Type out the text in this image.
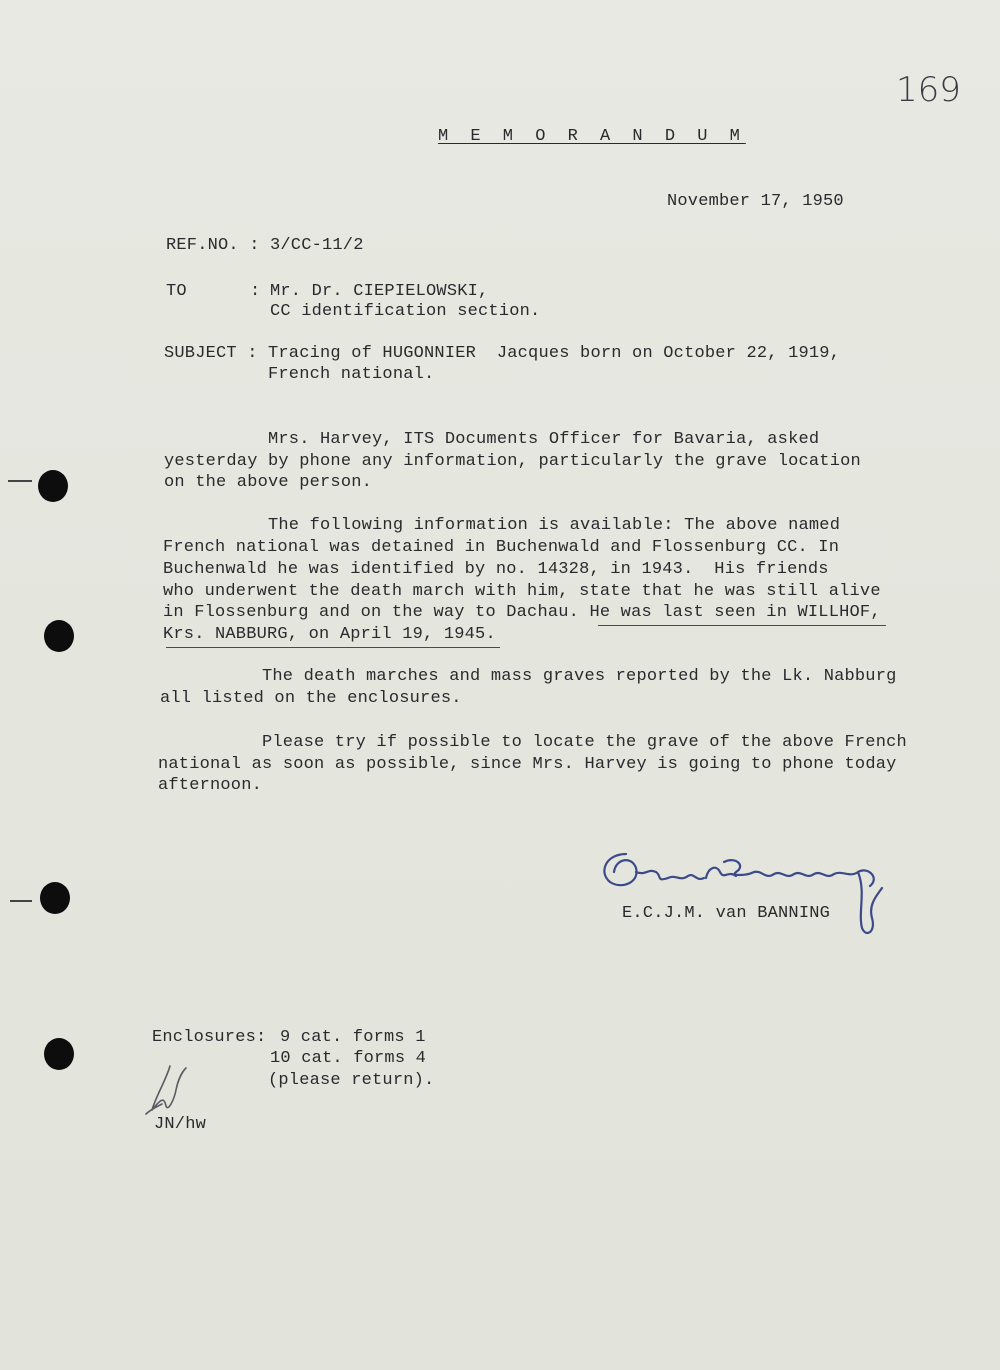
169
M E M O R A N D U M
November 17, 1950
REF.NO. : 3/CC-11/2
TO	: Mr. Dr. CIEPIELOWSKI,
CC identification section.
SUBJECT : Tracing of HUGONNIER  Jacques born on October 22, 1919,
French national.
Mrs. Harvey, ITS Documents Officer for Bavaria, asked
yesterday by phone any information, particularly the grave location
on the above person.
The following information is available: The above named
French national was detained in Buchenwald and Flossenburg CC. In
Buchenwald he was identified by no. 14328, in 1943.  His friends
who underwent the death march with him, state that he was still alive
in Flossenburg and on the way to Dachau. He was last seen in WILLHOF,
Krs. NABBURG, on April 19, 1945.
The death marches and mass graves reported by the Lk. Nabburg
all listed on the enclosures.
Please try if possible to locate the grave of the above French
national as soon as possible, since Mrs. Harvey is going to phone today
afternoon.
E.C.J.M. van BANNING
Enclosures: 9 cat. forms 1
10 cat. forms 4
(please return).
JN/hw
